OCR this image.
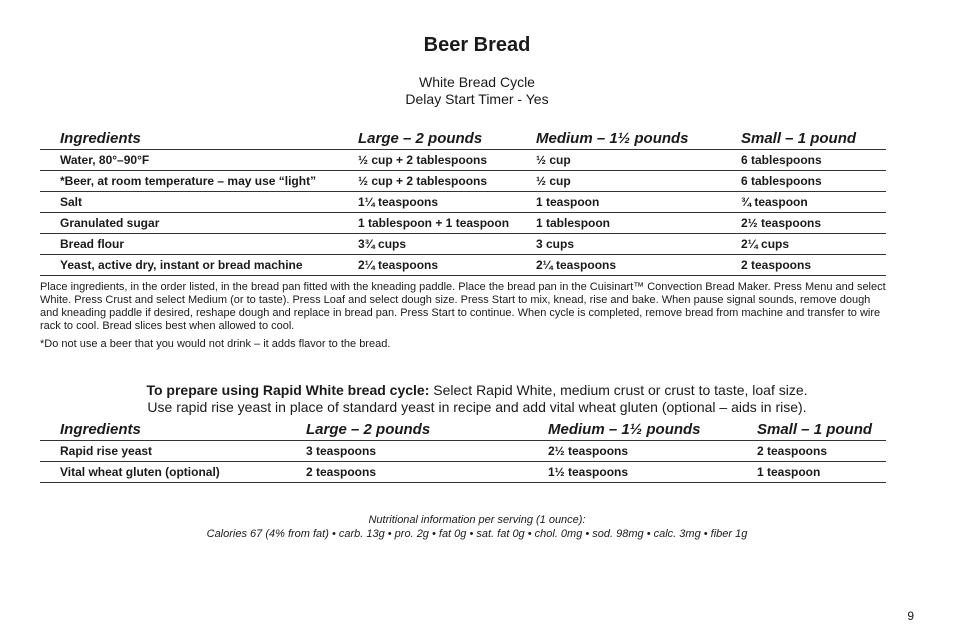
Beer Bread
White Bread Cycle
Delay Start Timer - Yes
Ingredients	Large – 2 pounds	Medium – 1½ pounds	Small – 1 pound
Water, 80°–90°F	½ cup + 2 tablespoons	½ cup	6 tablespoons
*Beer, at room temperature – may use “light”	½ cup + 2 tablespoons	½ cup	6 tablespoons
Salt	1¼ teaspoons	1 teaspoon	¾ teaspoon
Granulated sugar	1 tablespoon + 1 teaspoon	1 tablespoon	2½ teaspoons
Bread flour	3¾ cups	3 cups	2¼ cups
Yeast, active dry, instant or bread machine	2¼ teaspoons	2¼ teaspoons	2 teaspoons
Place ingredients, in the order listed, in the bread pan fitted with the kneading paddle. Place the bread pan in the Cuisinart™ Convection Bread Maker. Press Menu and select White. Press Crust and select Medium (or to taste). Press Loaf and select dough size. Press Start to mix, knead, rise and bake. When pause signal sounds, remove dough and kneading paddle if desired, reshape dough and replace in bread pan. Press Start to continue. When cycle is completed, remove bread from machine and transfer to wire rack to cool. Bread slices best when allowed to cool.
*Do not use a beer that you would not drink – it adds flavor to the bread.
To prepare using Rapid White bread cycle: Select Rapid White, medium crust or crust to taste, loaf size.
Use rapid rise yeast in place of standard yeast in recipe and add vital wheat gluten (optional – aids in rise).
Ingredients	Large – 2 pounds	Medium – 1½ pounds	Small – 1 pound
Rapid rise yeast	3 teaspoons	2½ teaspoons	2 teaspoons
Vital wheat gluten (optional)	2 teaspoons	1½ teaspoons	1 teaspoon
Nutritional information per serving (1 ounce):
Calories 67 (4% from fat) • carb. 13g • pro. 2g • fat 0g • sat. fat 0g • chol. 0mg • sod. 98mg • calc. 3mg • fiber 1g
9
